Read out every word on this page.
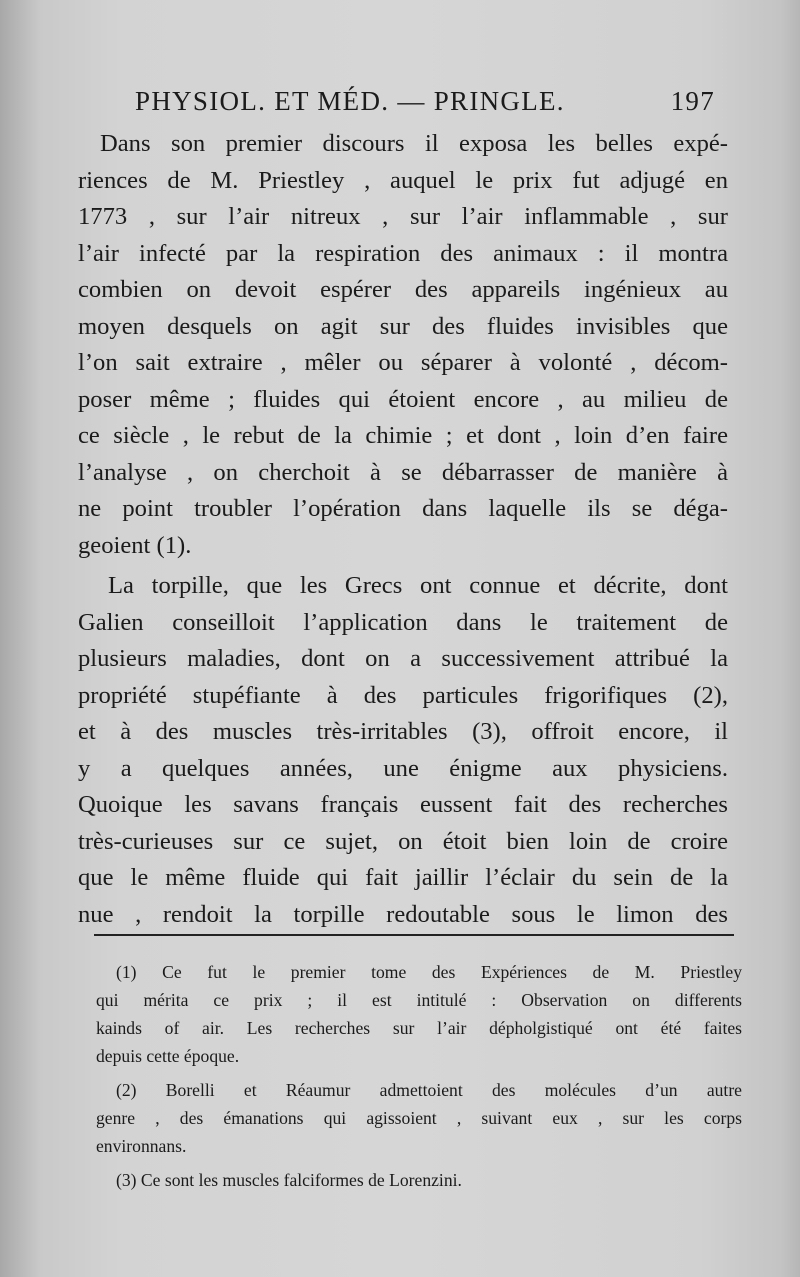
PHYSIOL. ET MÉD. — PRINGLE.	197
Dans son premier discours il exposa les belles expé-
riences de M. Priestley , auquel le prix fut adjugé en
1773 , sur l’air nitreux , sur l’air inflammable , sur
l’air infecté par la respiration des animaux : il montra
combien on devoit espérer des appareils ingénieux au
moyen desquels on agit sur des fluides invisibles que
l’on sait extraire , mêler ou séparer à volonté , décom-
poser même ; fluides qui étoient encore , au milieu de
ce siècle , le rebut de la chimie ; et dont , loin d’en faire
l’analyse , on cherchoit à se débarrasser de manière à
ne point troubler l’opération dans laquelle ils se déga-
geoient (1).
La torpille, que les Grecs ont connue et décrite, dont
Galien conseilloit l’application dans le traitement de
plusieurs maladies, dont on a successivement attribué la
propriété stupéfiante à des particules frigorifiques (2),
et à des muscles très-irritables (3), offroit encore, il
y a quelques années, une énigme aux physiciens.
Quoique les savans français eussent fait des recherches
très-curieuses sur ce sujet, on étoit bien loin de croire
que le même fluide qui fait jaillir l’éclair du sein de la
nue , rendoit la torpille redoutable sous le limon des
(1) Ce fut le premier tome des Expériences de M. Priestley
qui mérita ce prix ; il est intitulé : Observation on differents
kainds of air. Les recherches sur l’air dépholgistiqué ont été faites
depuis cette époque.
(2) Borelli et Réaumur admettoient des molécules d’un autre
genre , des émanations qui agissoient , suivant eux , sur les corps
environnans.
(3) Ce sont les muscles falciformes de Lorenzini.
